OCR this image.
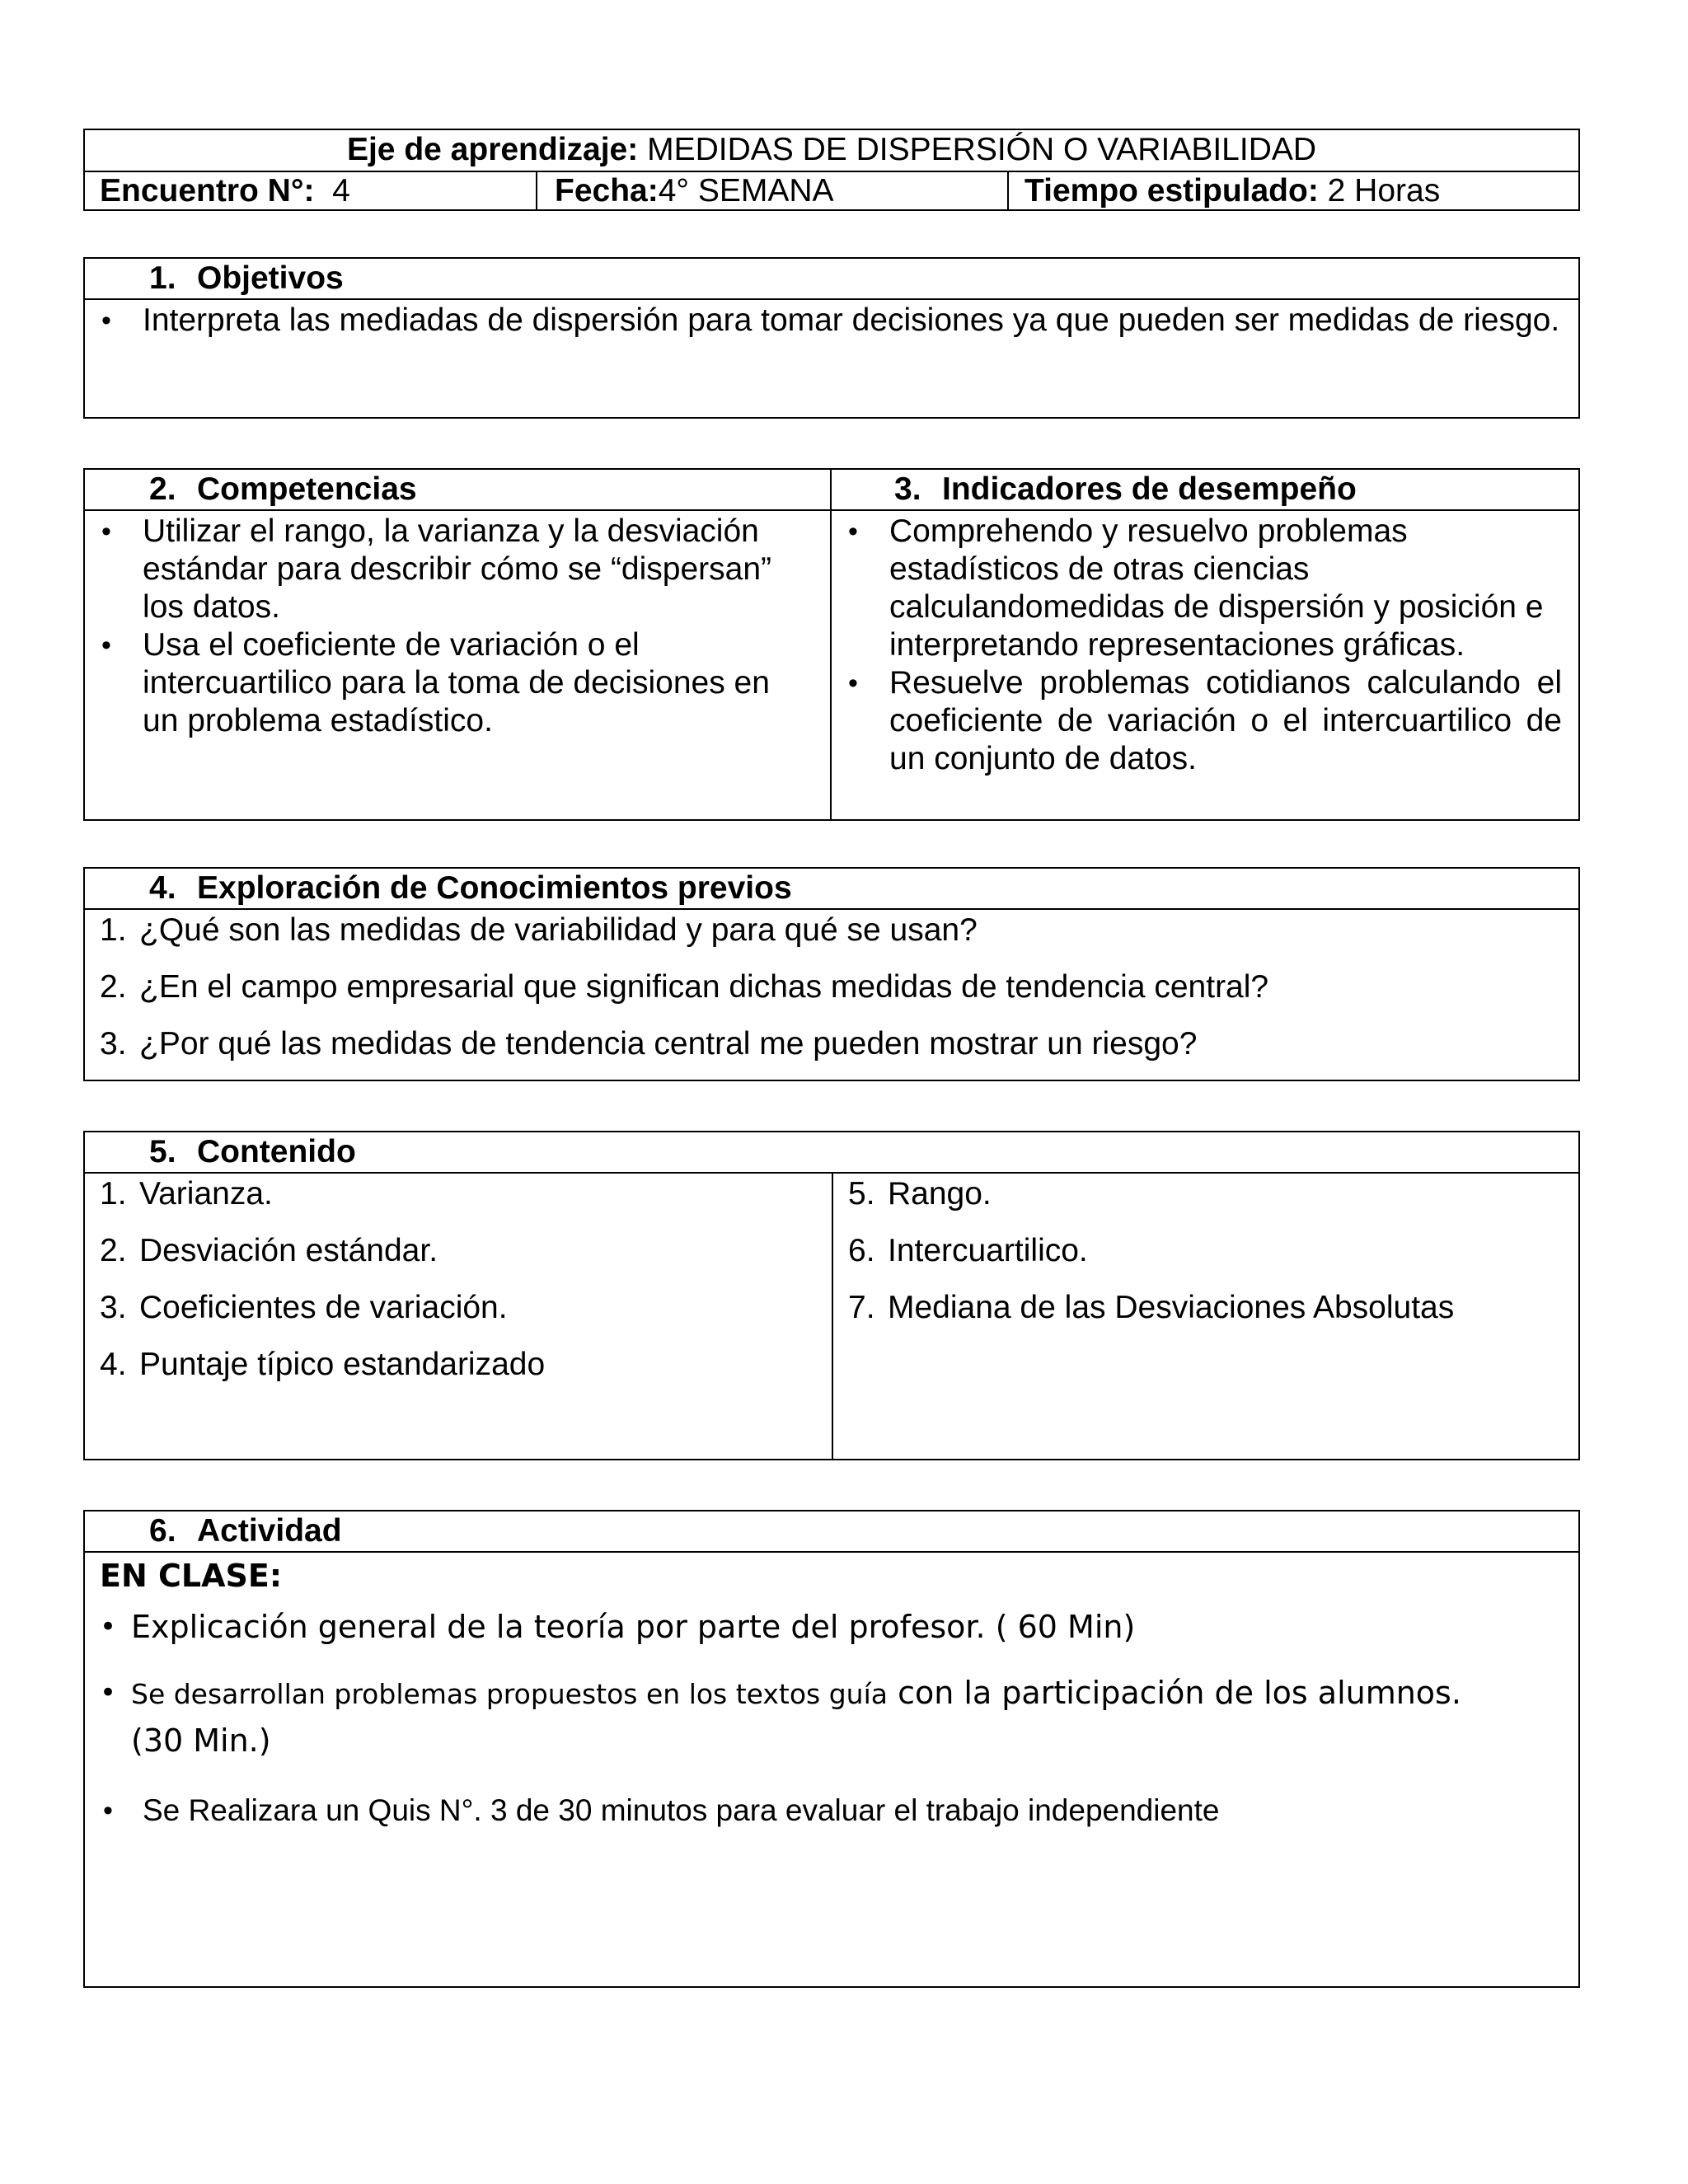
Eje de aprendizaje: MEDIDAS DE DISPERSIÓN O VARIABILIDAD
Encuentro N°:  4	Fecha:4° SEMANA	Tiempo estipulado: 2 Horas
1. Objetivos
• Interpreta las mediadas de dispersión para tomar decisiones ya que pueden ser medidas de riesgo.
2. Competencias	3. Indicadores de desempeño
• Utilizar el rango, la varianza y la desviación estándar para describir cómo se “dispersan” los datos.
• Usa el coeficiente de variación o el intercuartilico para la toma de decisiones en un problema estadístico.
• Comprehendo y resuelvo problemas estadísticos de otras ciencias calculandomedidas de dispersión y posición e interpretando representaciones gráficas.
• Resuelve problemas cotidianos calculando el coeficiente de variación o el intercuartilico de un conjunto de datos.
4. Exploración de Conocimientos previos
1. ¿Qué son las medidas de variabilidad y para qué se usan?
2. ¿En el campo empresarial que significan dichas medidas de tendencia central?
3. ¿Por qué las medidas de tendencia central me pueden mostrar un riesgo?
5. Contenido
1. Varianza.
2. Desviación estándar.
3. Coeficientes de variación.
4. Puntaje típico estandarizado
5. Rango.
6. Intercuartilico.
7. Mediana de las Desviaciones Absolutas
6. Actividad
EN CLASE:
• Explicación general de la teoría por parte del profesor. ( 60 Min)
• Se desarrollan problemas propuestos en los textos guía con la participación de los alumnos.
(30 Min.)
• Se Realizara un Quis N°. 3 de 30 minutos para evaluar el trabajo independiente
